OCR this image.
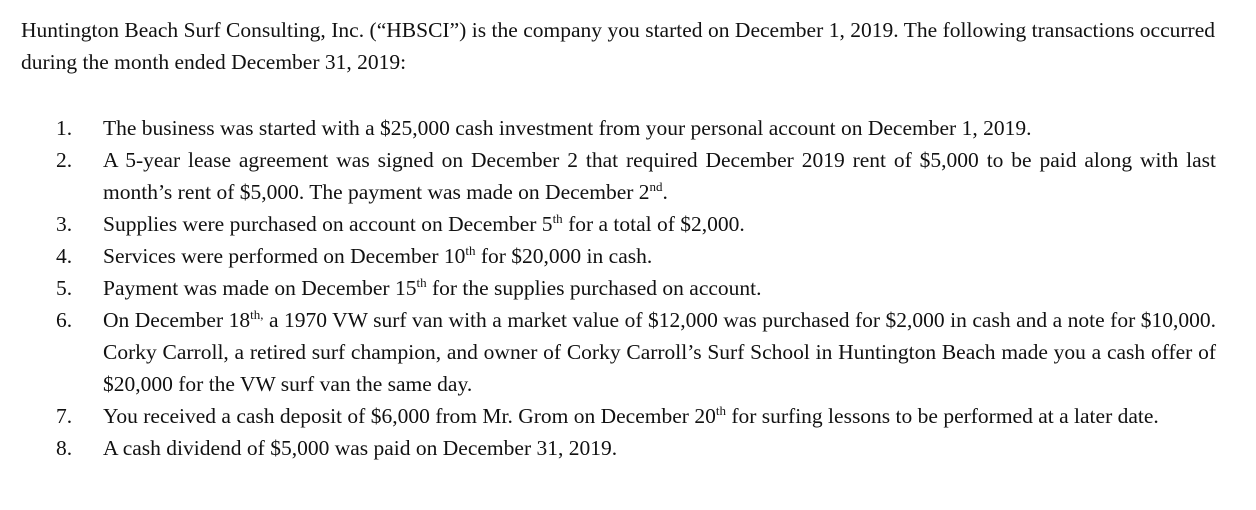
Huntington Beach Surf Consulting, Inc. (“HBSCI”) is the company you started on December 1, 2019. The following transactions occurred during the month ended December 31, 2019:

1. The business was started with a $25,000 cash investment from your personal account on December 1, 2019.
2. A 5-year lease agreement was signed on December 2 that required December 2019 rent of $5,000 to be paid along with last month’s rent of $5,000. The payment was made on December 2nd.
3. Supplies were purchased on account on December 5th for a total of $2,000.
4. Services were performed on December 10th for $20,000 in cash.
5. Payment was made on December 15th for the supplies purchased on account.
6. On December $18^{th,}$ a 1970 VW surf van with a market value of $12,000 was purchased for $2,000 in cash and a note for $10,000. Corky Carroll, a retired surf champion, and owner of Corky Carroll’s Surf School in Huntington Beach made you a cash offer of $20,000 for the VW surf van the same day.
7. You received a cash deposit of $6,000 from Mr. Grom on December 20th for surfing lessons to be performed at a later date.
8. A cash dividend of $5,000 was paid on December 31, 2019.
